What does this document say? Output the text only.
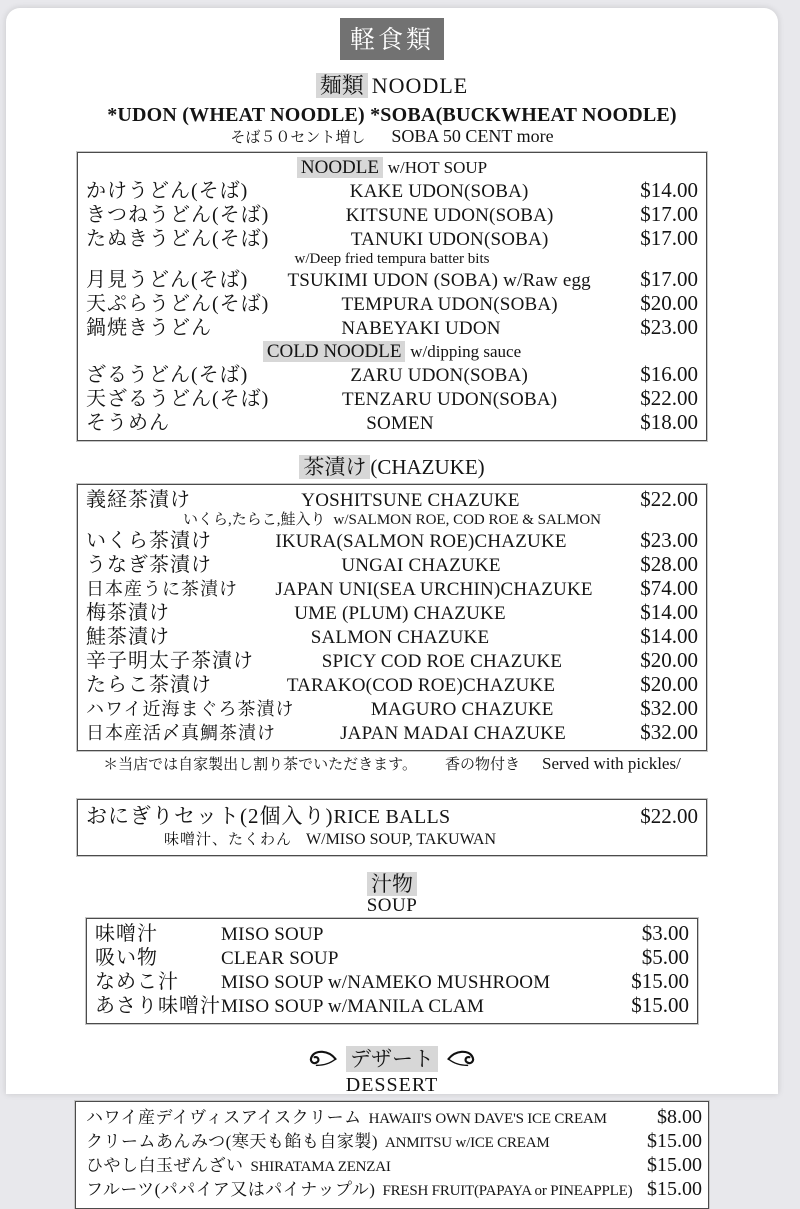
軽食類
麺類 NOODLE
*UDON (WHEAT NOODLE) *SOBA(BUCKWHEAT NOODLE)
そば５０セント増し SOBA 50 CENT more
NOODLE w/HOT SOUP
かけうどん(そば)	KAKE UDON(SOBA)	$14.00
きつねうどん(そば)	KITSUNE UDON(SOBA)	$17.00
たぬきうどん(そば)	TANUKI UDON(SOBA)	$17.00
w/Deep fried tempura batter bits
月見うどん(そば)	TSUKIMI UDON (SOBA) w/Raw egg	$17.00
天ぷらうどん(そば)	TEMPURA UDON(SOBA)	$20.00
鍋焼きうどん	NABEYAKI UDON	$23.00
COLD NOODLE w/dipping sauce
ざるうどん(そば)	ZARU UDON(SOBA)	$16.00
天ざるうどん(そば)	TENZARU UDON(SOBA)	$22.00
そうめん	SOMEN	$18.00
茶漬け (CHAZUKE)
義経茶漬け	YOSHITSUNE CHAZUKE	$22.00
いくら,たらこ,鮭入り w/SALMON ROE, COD ROE & SALMON
いくら茶漬け	IKURA(SALMON ROE)CHAZUKE	$23.00
うなぎ茶漬け	UNGAI CHAZUKE	$28.00
日本産うに茶漬け	JAPAN UNI(SEA URCHIN)CHAZUKE	$74.00
梅茶漬け	UME (PLUM) CHAZUKE	$14.00
鮭茶漬け	SALMON CHAZUKE	$14.00
辛子明太子茶漬け	SPICY COD ROE CHAZUKE	$20.00
たらこ茶漬け	TARAKO(COD ROE)CHAZUKE	$20.00
ハワイ近海まぐろ茶漬け	MAGURO CHAZUKE	$32.00
日本産活〆真鯛茶漬け	JAPAN MADAI CHAZUKE	$32.00
＊当店では自家製出し割り茶でいただきます。 香の物付き Served with pickles/
おにぎりセット(2個入り) RICE BALLS	$22.00
味噌汁、たくわん W/MISO SOUP, TAKUWAN
汁物
SOUP
味噌汁	MISO SOUP	$3.00
吸い物	CLEAR SOUP	$5.00
なめこ汁	MISO SOUP w/NAMEKO MUSHROOM	$15.00
あさり味噌汁 MISO SOUP w/MANILA CLAM	$15.00
デザート
DESSERT
ハワイ産デイヴィスアイスクリーム HAWAII'S OWN DAVE'S ICE CREAM	$8.00
クリームあんみつ(寒天も餡も自家製) ANMITSU w/ICE CREAM	$15.00
ひやし白玉ぜんざい SHIRATAMA ZENZAI	$15.00
フルーツ(パパイア又はパイナップル) FRESH FRUIT(PAPAYA or PINEAPPLE) $15.00
